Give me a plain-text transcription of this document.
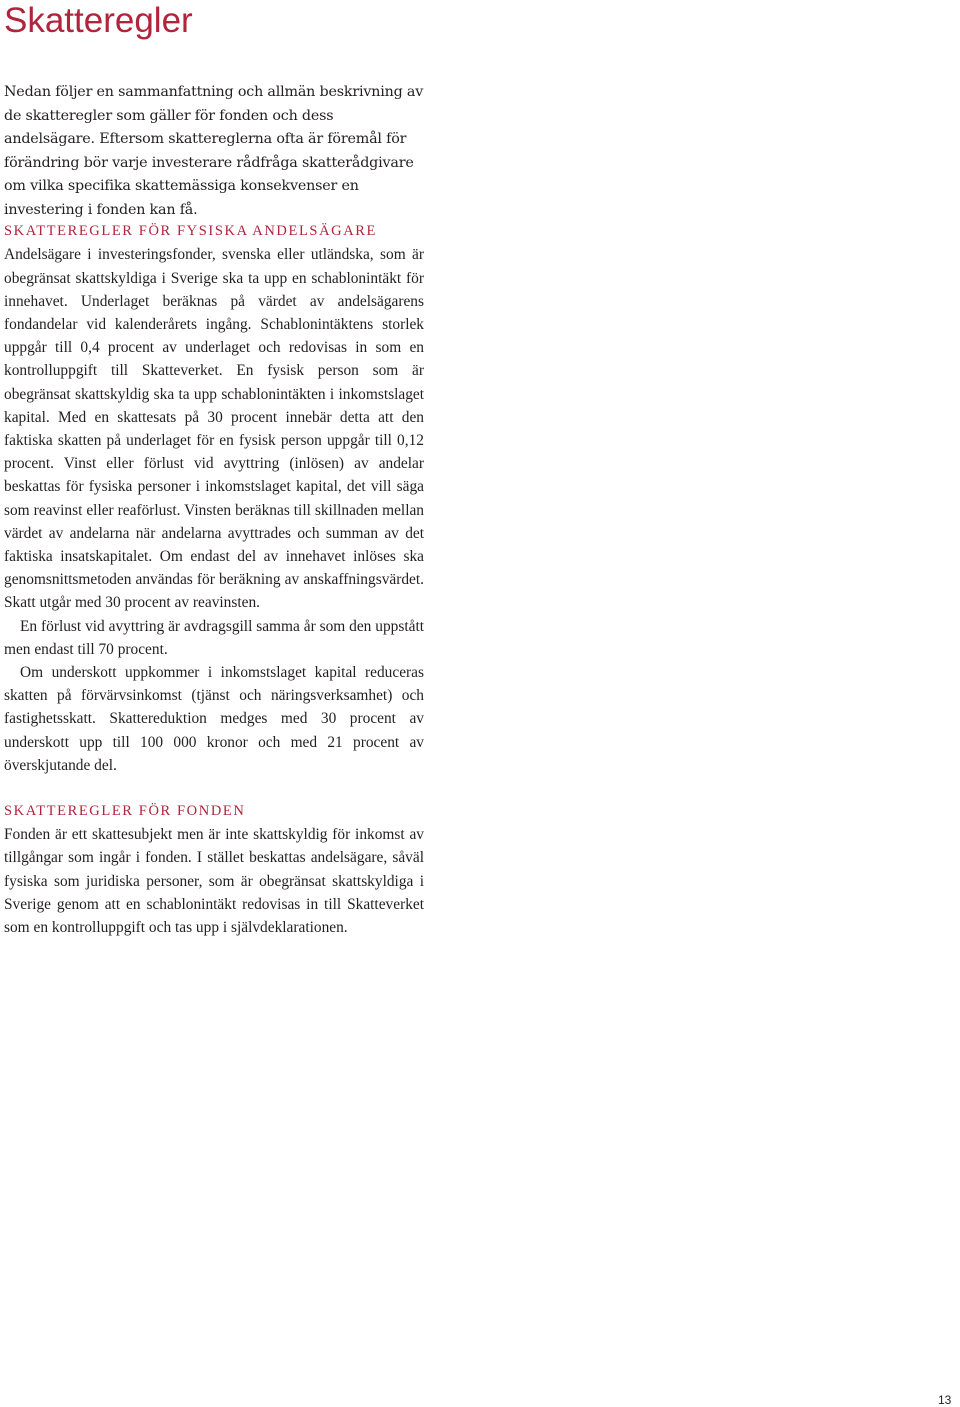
Skatteregler

Nedan följer en sammanfattning och allmän beskrivning av de skatteregler som gäller för fonden och dess andelsägare. Eftersom skattereglerna ofta är föremål för förändring bör varje investerare rådfråga skatterådgivare om vilka specifika skattemässiga konsekvenser en investering i fonden kan få.

SKATTEREGLER FÖR FYSISKA ANDELSÄGARE

Andelsägare i investeringsfonder, svenska eller utländska, som är obegränsat skattskyldiga i Sverige ska ta upp en schablonintäkt för innehavet. Underlaget beräknas på värdet av andelsägarens fondandelar vid kalenderårets ingång. Schablonintäktens storlek uppgår till 0,4 procent av underlaget och redovisas in som en kontrolluppgift till Skatteverket. En fysisk person som är obegränsat skattskyldig ska ta upp schablonintäkten i inkomstslaget kapital. Med en skattesats på 30 procent innebär detta att den faktiska skatten på underlaget för en fysisk person uppgår till 0,12 procent. Vinst eller förlust vid avyttring (inlösen) av andelar beskattas för fysiska personer i inkomstslaget kapital, det vill säga som reavinst eller reaförlust. Vinsten beräknas till skillnaden mellan värdet av andelarna när andelarna avyttrades och summan av det faktiska insatskapitalet. Om endast del av innehavet inlöses ska genomsnittsmetoden användas för beräkning av anskaffningsvärdet. Skatt utgår med 30 procent av reavinsten.

En förlust vid avyttring är avdragsgill samma år som den uppstått men endast till 70 procent.

Om underskott uppkommer i inkomstslaget kapital reduceras skatten på förvärvsinkomst (tjänst och näringsverksamhet) och fastighetsskatt. Skattereduktion medges med 30 procent av underskott upp till 100 000 kronor och med 21 procent av överskjutande del.

SKATTEREGLER FÖR FONDEN

Fonden är ett skattesubjekt men är inte skattskyldig för inkomst av tillgångar som ingår i fonden. I stället beskattas andelsägare, såväl fysiska som juridiska personer, som är obegränsat skattskyldiga i Sverige genom att en schablonintäkt redovisas in till Skatteverket som en kontrolluppgift och tas upp i självdeklarationen.

13
